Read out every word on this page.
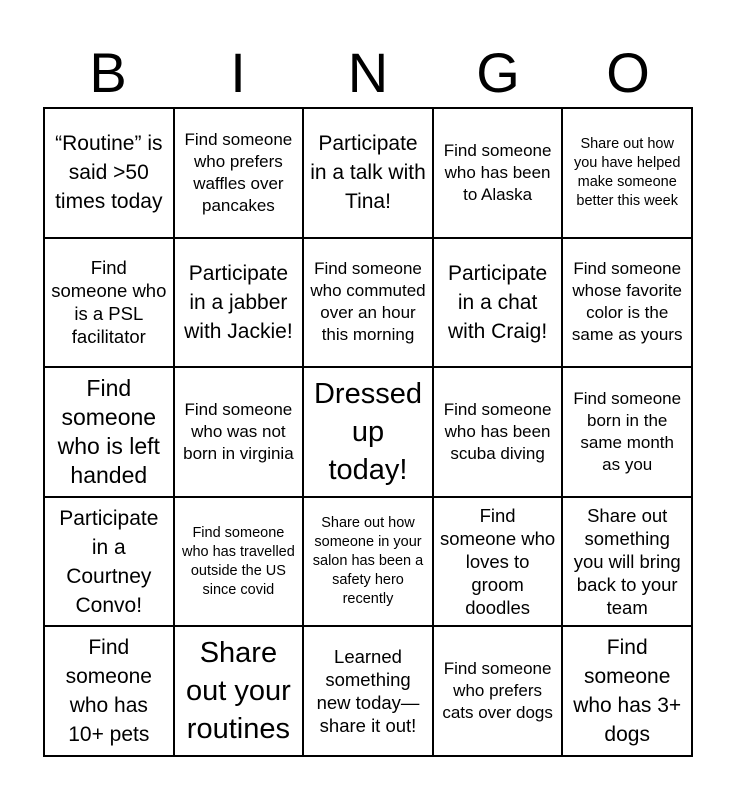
B	I	N	G	O
“Routine” is said >50 times today
Find someone who prefers waffles over pancakes
Participate in a talk with Tina!
Find someone who has been to Alaska
Share out how you have helped make someone better this week
Find someone who is a PSL facilitator
Participate in a jabber with Jackie!
Find someone who commuted over an hour this morning
Participate in a chat with Craig!
Find someone whose favorite color is the same as yours
Find someone who is left handed
Find someone who was not born in virginia
Dressed up today!
Find someone who has been scuba diving
Find someone born in the same month as you
Participate in a Courtney Convo!
Find someone who has travelled outside the US since covid
Share out how someone in your salon has been a safety hero recently
Find someone who loves to groom doodles
Share out something you will bring back to your team
Find someone who has 10+ pets
Share out your routines
Learned something new today—share it out!
Find someone who prefers cats over dogs
Find someone who has 3+ dogs
